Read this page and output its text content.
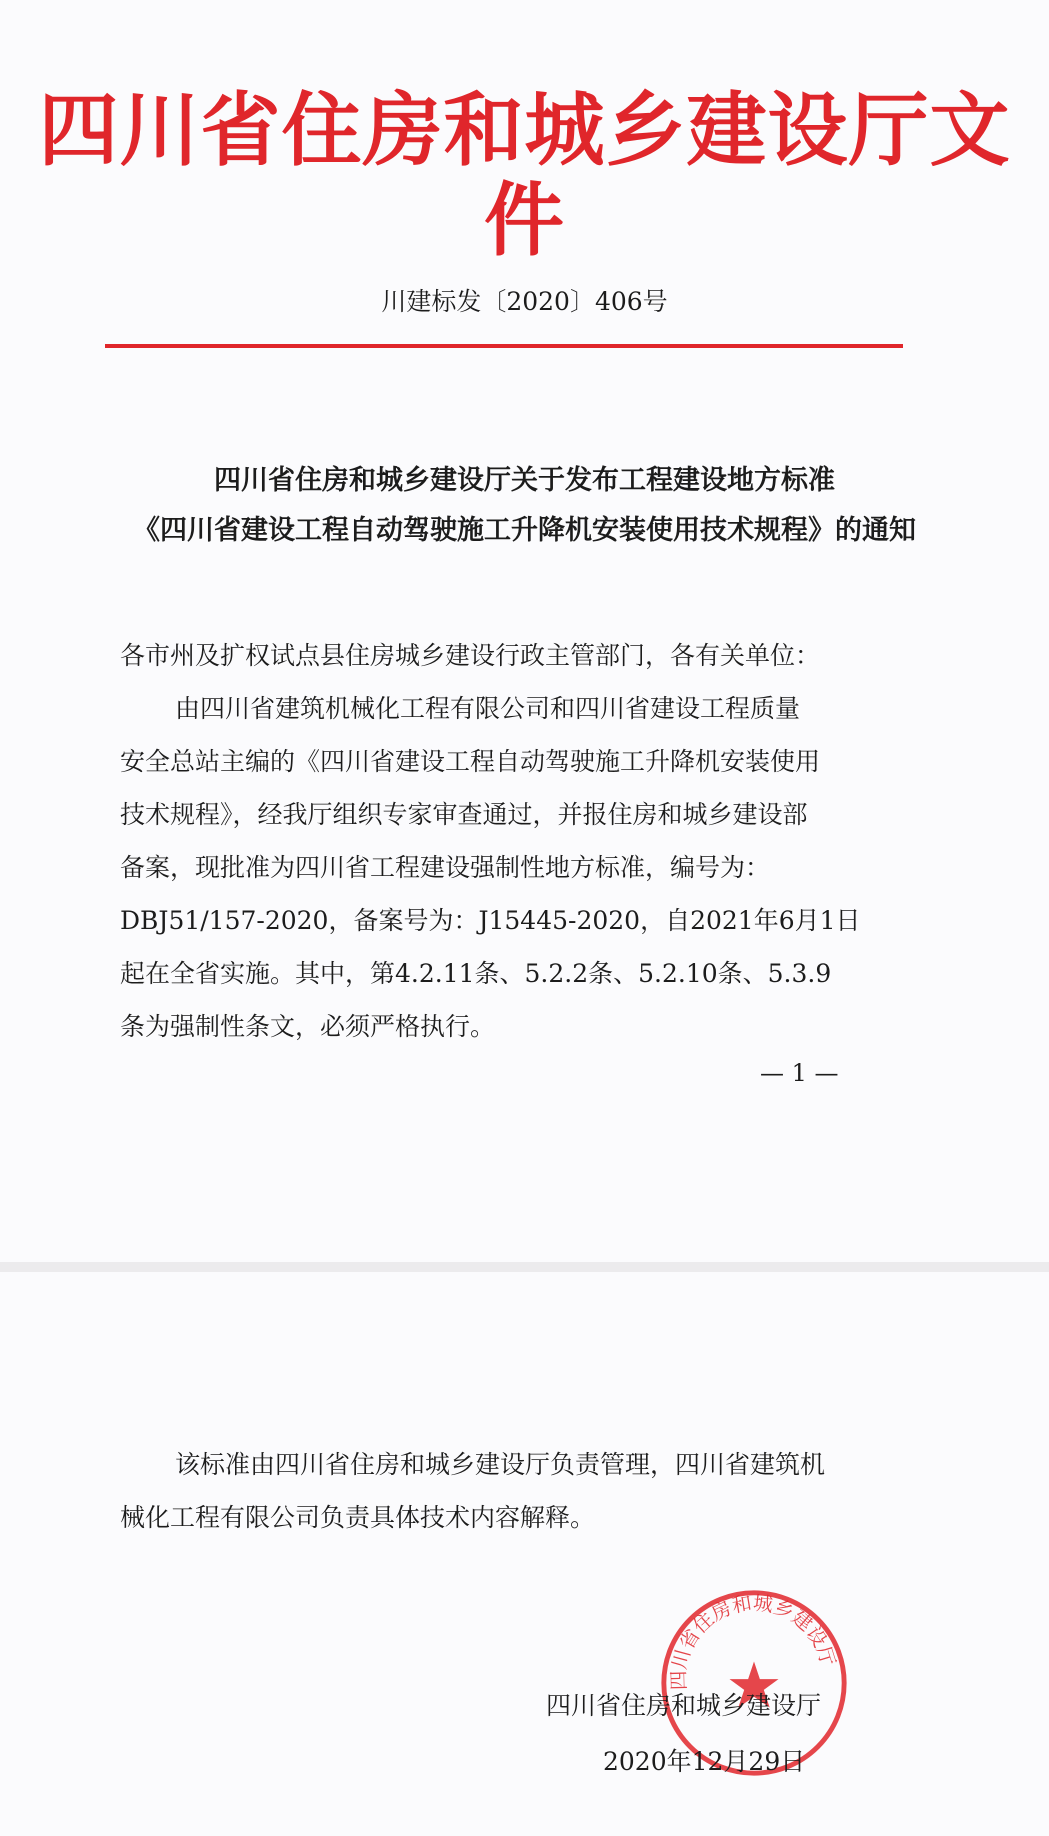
四川省住房和城乡建设厅文件
川建标发〔2020〕406号
四川省住房和城乡建设厅关于发布工程建设地方标准
《四川省建设工程自动驾驶施工升降机安装使用技术规程》的通知
各市州及扩权试点县住房城乡建设行政主管部门，各有关单位：
由四川省建筑机械化工程有限公司和四川省建设工程质量
安全总站主编的《四川省建设工程自动驾驶施工升降机安装使用
技术规程》，经我厅组织专家审查通过，并报住房和城乡建设部
备案，现批准为四川省工程建设强制性地方标准，编号为：
DBJ51/157-2020，备案号为：J15445-2020，自2021年6月1日
起在全省实施。其中，第4.2.11条、5.2.2条、5.2.10条、5.3.9
条为强制性条文，必须严格执行。
— 1 —
该标准由四川省住房和城乡建设厅负责管理，四川省建筑机
械化工程有限公司负责具体技术内容解释。
四川省住房和城乡建设厅
四川省住房和城乡建设厅
2020年12月29日
